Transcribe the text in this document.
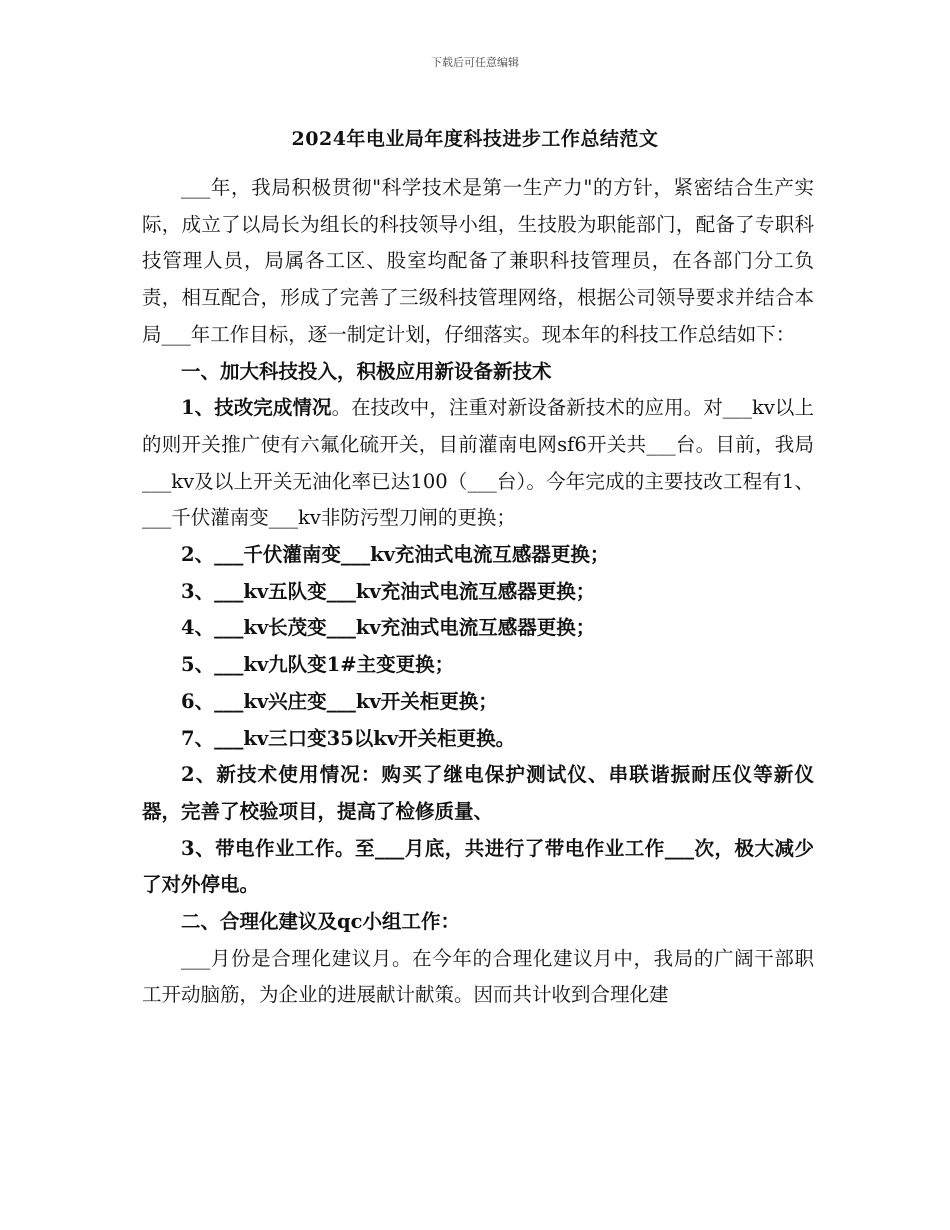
下载后可任意编辑
2024年电业局年度科技进步工作总结范文

___年，我局积极贯彻"科学技术是第一生产力"的方针，紧密结合生产实际，成立了以局长为组长的科技领导小组，生技股为职能部门，配备了专职科技管理人员，局属各工区、股室均配备了兼职科技管理员，在各部门分工负责，相互配合，形成了完善了三级科技管理网络，根据公司领导要求并结合本局___年工作目标，逐一制定计划，仔细落实。现本年的科技工作总结如下：

一、加大科技投入，积极应用新设备新技术

1、技改完成情况。在技改中，注重对新设备新技术的应用。对___kv以上的则开关推广使有六氟化硫开关，目前灌南电网sf6开关共___台。目前，我局___kv及以上开关无油化率已达100（___台）。今年完成的主要技改工程有1、___千伏灌南变___kv非防污型刀闸的更换；

2、___千伏灌南变___kv充油式电流互感器更换；

3、___kv五队变___kv充油式电流互感器更换；

4、___kv长茂变___kv充油式电流互感器更换；

5、___kv九队变1#主变更换；

6、___kv兴庄变___kv开关柜更换；

7、___kv三口变35以kv开关柜更换。

2、新技术使用情况：购买了继电保护测试仪、串联谐振耐压仪等新仪器，完善了校验项目，提高了检修质量、

3、带电作业工作。至___月底，共进行了带电作业工作___次，极大减少了对外停电。

二、合理化建议及qc小组工作：

___月份是合理化建议月。在今年的合理化建议月中，我局的广阔干部职工开动脑筋，为企业的进展献计献策。因而共计收到合理化建
